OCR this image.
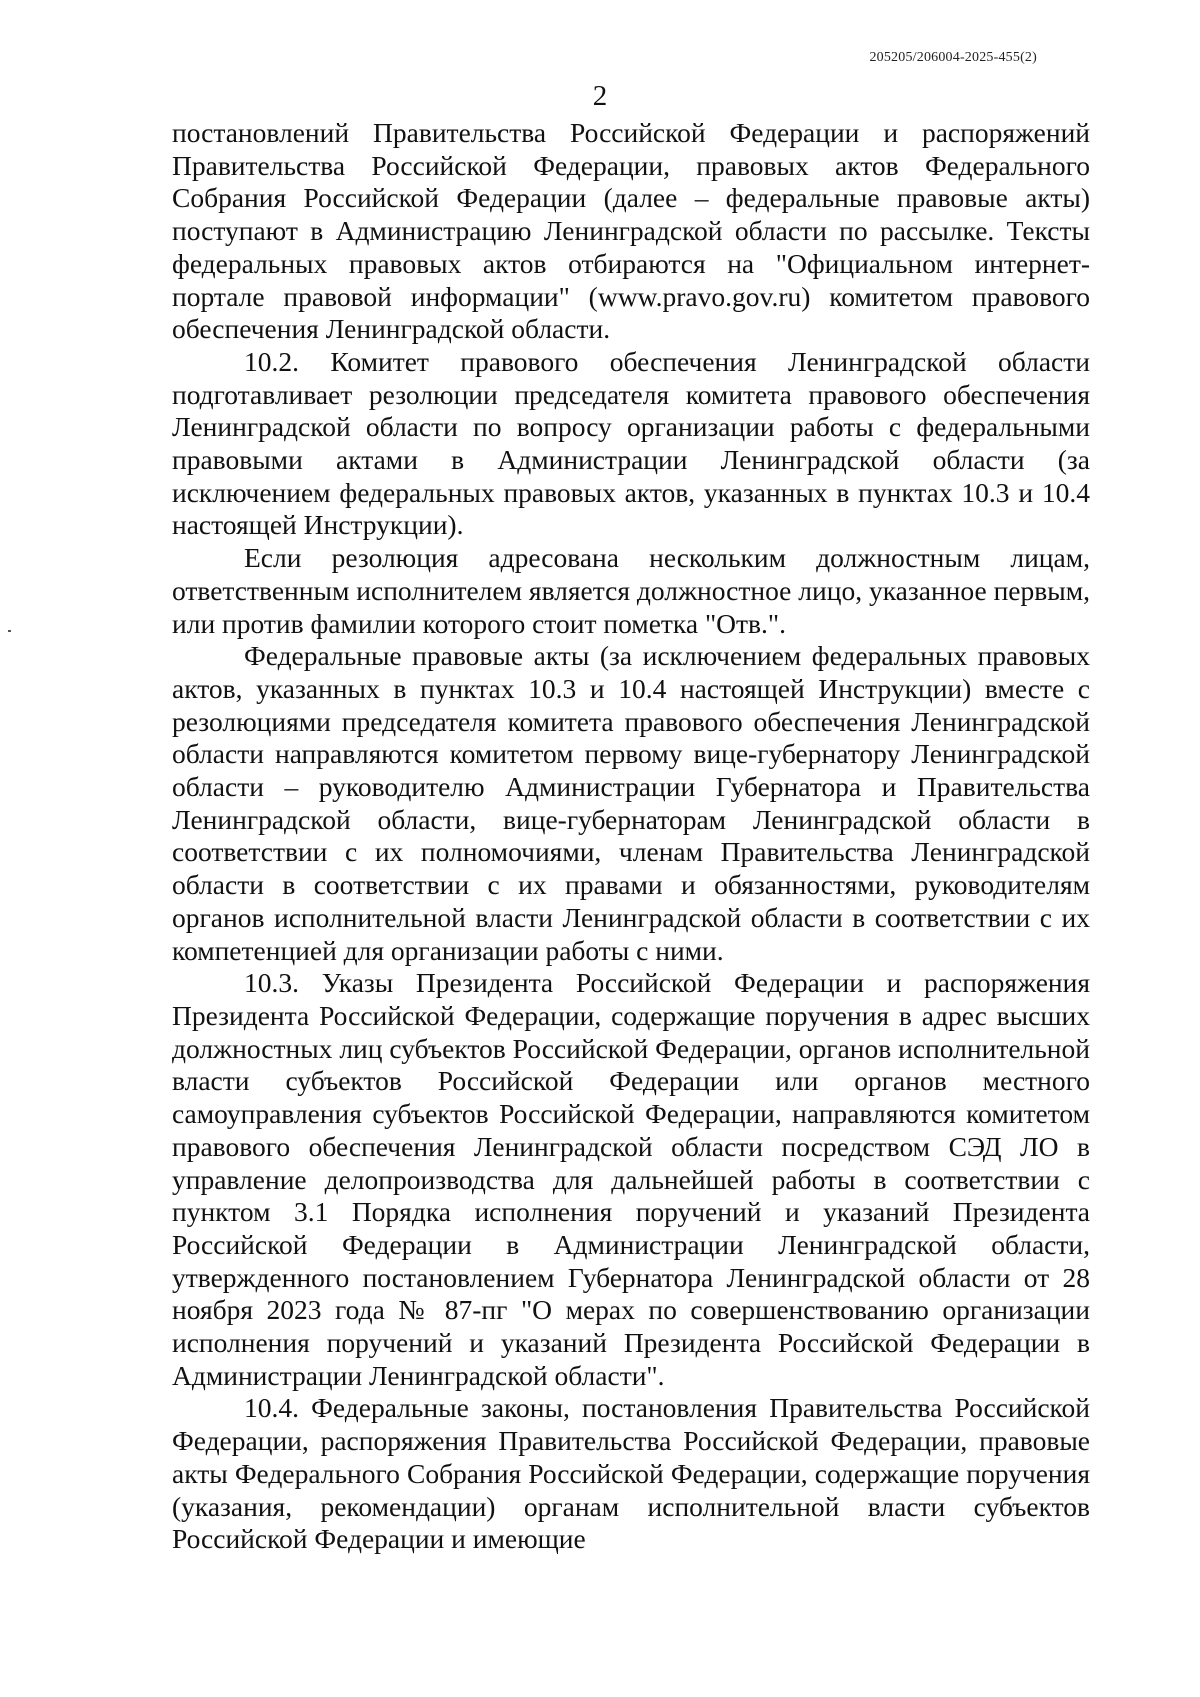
205205/206004-2025-455(2)
2

постановлений Правительства Российской Федерации и распоряжений Правительства Российской Федерации, правовых актов Федерального Собрания Российской Федерации (далее – федеральные правовые акты) поступают в Администрацию Ленинградской области по рассылке. Тексты федеральных правовых актов отбираются на "Официальном интернет-портале правовой информации" (www.pravo.gov.ru) комитетом правового обеспечения Ленинградской области.

10.2. Комитет правового обеспечения Ленинградской области подготавливает резолюции председателя комитета правового обеспечения Ленинградской области по вопросу организации работы с федеральными правовыми актами в Администрации Ленинградской области (за исключением федеральных правовых актов, указанных в пунктах 10.3 и 10.4 настоящей Инструкции).

Если резолюция адресована нескольким должностным лицам, ответственным исполнителем является должностное лицо, указанное первым, или против фамилии которого стоит пометка "Отв.".

Федеральные правовые акты (за исключением федеральных правовых актов, указанных в пунктах 10.3 и 10.4 настоящей Инструкции) вместе с резолюциями председателя комитета правового обеспечения Ленинградской области направляются комитетом первому вице-губернатору Ленинградской области – руководителю Администрации Губернатора и Правительства Ленинградской области, вице-губернаторам Ленинградской области в соответствии с их полномочиями, членам Правительства Ленинградской области в соответствии с их правами и обязанностями, руководителям органов исполнительной власти Ленинградской области в соответствии с их компетенцией для организации работы с ними.

10.3. Указы Президента Российской Федерации и распоряжения Президента Российской Федерации, содержащие поручения в адрес высших должностных лиц субъектов Российской Федерации, органов исполнительной власти субъектов Российской Федерации или органов местного самоуправления субъектов Российской Федерации, направляются комитетом правового обеспечения Ленинградской области посредством СЭД ЛО в управление делопроизводства для дальнейшей работы в соответствии с пунктом 3.1 Порядка исполнения поручений и указаний Президента Российской Федерации в Администрации Ленинградской области, утвержденного постановлением Губернатора Ленинградской области от 28 ноября 2023 года № 87-пг "О мерах по совершенствованию организации исполнения поручений и указаний Президента Российской Федерации в Администрации Ленинградской области".

10.4. Федеральные законы, постановления Правительства Российской Федерации, распоряжения Правительства Российской Федерации, правовые акты Федерального Собрания Российской Федерации, содержащие поручения (указания, рекомендации) органам исполнительной власти субъектов Российской Федерации и имеющие
